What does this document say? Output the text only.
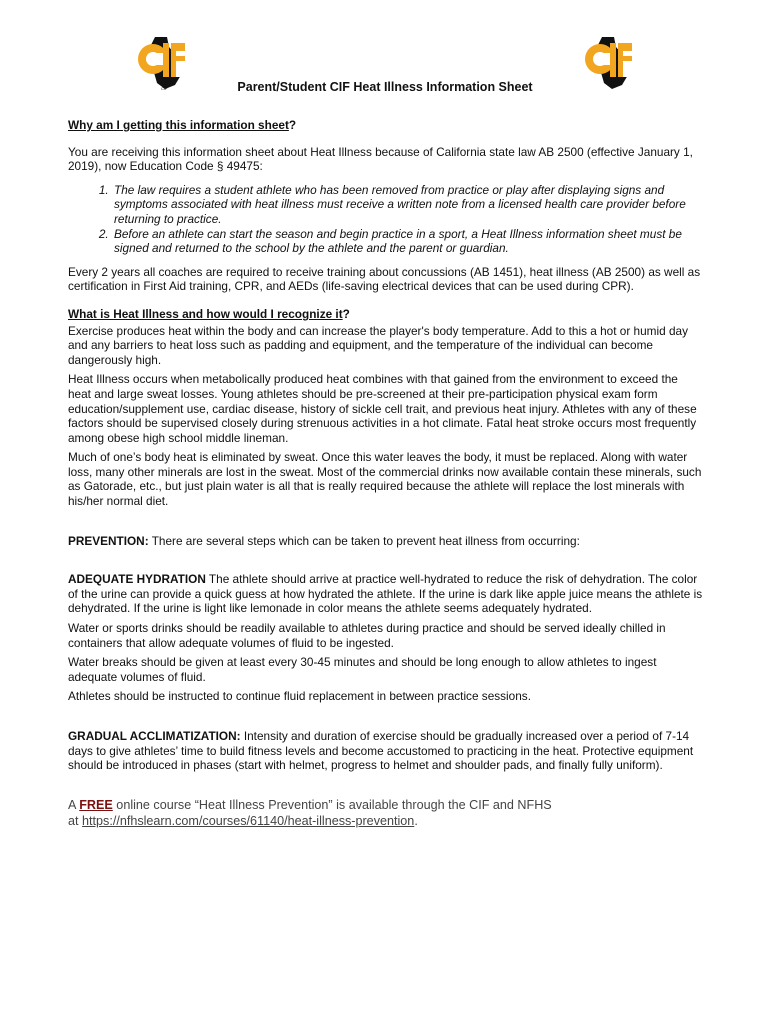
CIF	Parent/Student CIF Heat Illness Information Sheet

Why am I getting this information sheet?

You are receiving this information sheet about Heat Illness because of California state law AB 2500 (effective January 1, 2019), now Education Code § 49475:

1. The law requires a student athlete who has been removed from practice or play after displaying signs and symptoms associated with heat illness must receive a written note from a licensed health care provider before returning to practice.
2. Before an athlete can start the season and begin practice in a sport, a Heat Illness information sheet must be signed and returned to the school by the athlete and the parent or guardian.

Every 2 years all coaches are required to receive training about concussions (AB 1451), heat illness (AB 2500) as well as certification in First Aid training, CPR, and AEDs (life-saving electrical devices that can be used during CPR).

What is Heat Illness and how would I recognize it?

Exercise produces heat within the body and can increase the player's body temperature. Add to this a hot or humid day and any barriers to heat loss such as padding and equipment, and the temperature of the individual can become dangerously high.

Heat Illness occurs when metabolically produced heat combines with that gained from the environment to exceed the heat and large sweat losses. Young athletes should be pre-screened at their pre-participation physical exam form education/supplement use, cardiac disease, history of sickle cell trait, and previous heat injury. Athletes with any of these factors should be supervised closely during strenuous activities in a hot climate. Fatal heat stroke occurs most frequently among obese high school middle lineman.

Much of one’s body heat is eliminated by sweat. Once this water leaves the body, it must be replaced. Along with water loss, many other minerals are lost in the sweat. Most of the commercial drinks now available contain these minerals, such as Gatorade, etc., but just plain water is all that is really required because the athlete will replace the lost minerals with his/her normal diet.

PREVENTION: There are several steps which can be taken to prevent heat illness from occurring:

ADEQUATE HYDRATION The athlete should arrive at practice well-hydrated to reduce the risk of dehydration. The color of the urine can provide a quick guess at how hydrated the athlete. If the urine is dark like apple juice means the athlete is dehydrated. If the urine is light like lemonade in color means the athlete seems adequately hydrated.

Water or sports drinks should be readily available to athletes during practice and should be served ideally chilled in containers that allow adequate volumes of fluid to be ingested.

Water breaks should be given at least every 30-45 minutes and should be long enough to allow athletes to ingest adequate volumes of fluid.

Athletes should be instructed to continue fluid replacement in between practice sessions.

GRADUAL ACCLIMATIZATION: Intensity and duration of exercise should be gradually increased over a period of 7-14 days to give athletes’ time to build fitness levels and become accustomed to practicing in the heat. Protective equipment should be introduced in phases (start with helmet, progress to helmet and shoulder pads, and finally fully uniform).

A FREE online course “Heat Illness Prevention” is available through the CIF and NFHS
at https://nfhslearn.com/courses/61140/heat-illness-prevention.
